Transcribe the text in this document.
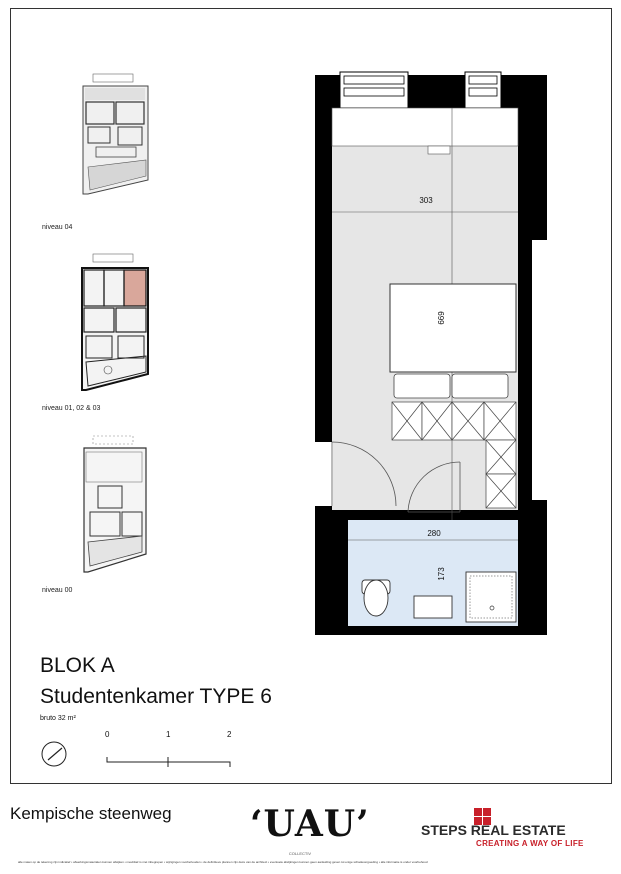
niveau 04
niveau 01, 02 & 03
niveau 00
303
669
280
173
BLOK A
Studentenkamer TYPE 6
bruto 32 m²
0	1	2
Kempische steenweg ‘UAU’
COLLECTIV
STEPS REAL ESTATE
CREATING A WAY OF LIFE
alle maten op de tekening zijn indicatief • afwerkingsmaterialen kunnen afwijken • meubilair is niet inbegrepen • wijzigingen voorbehouden • de definitieve plannen zijn deze van de architect • eventuele afwijkingen kunnen geen aanleiding geven tot enige schadevergoeding • alle informatie is onder voorbehoud
